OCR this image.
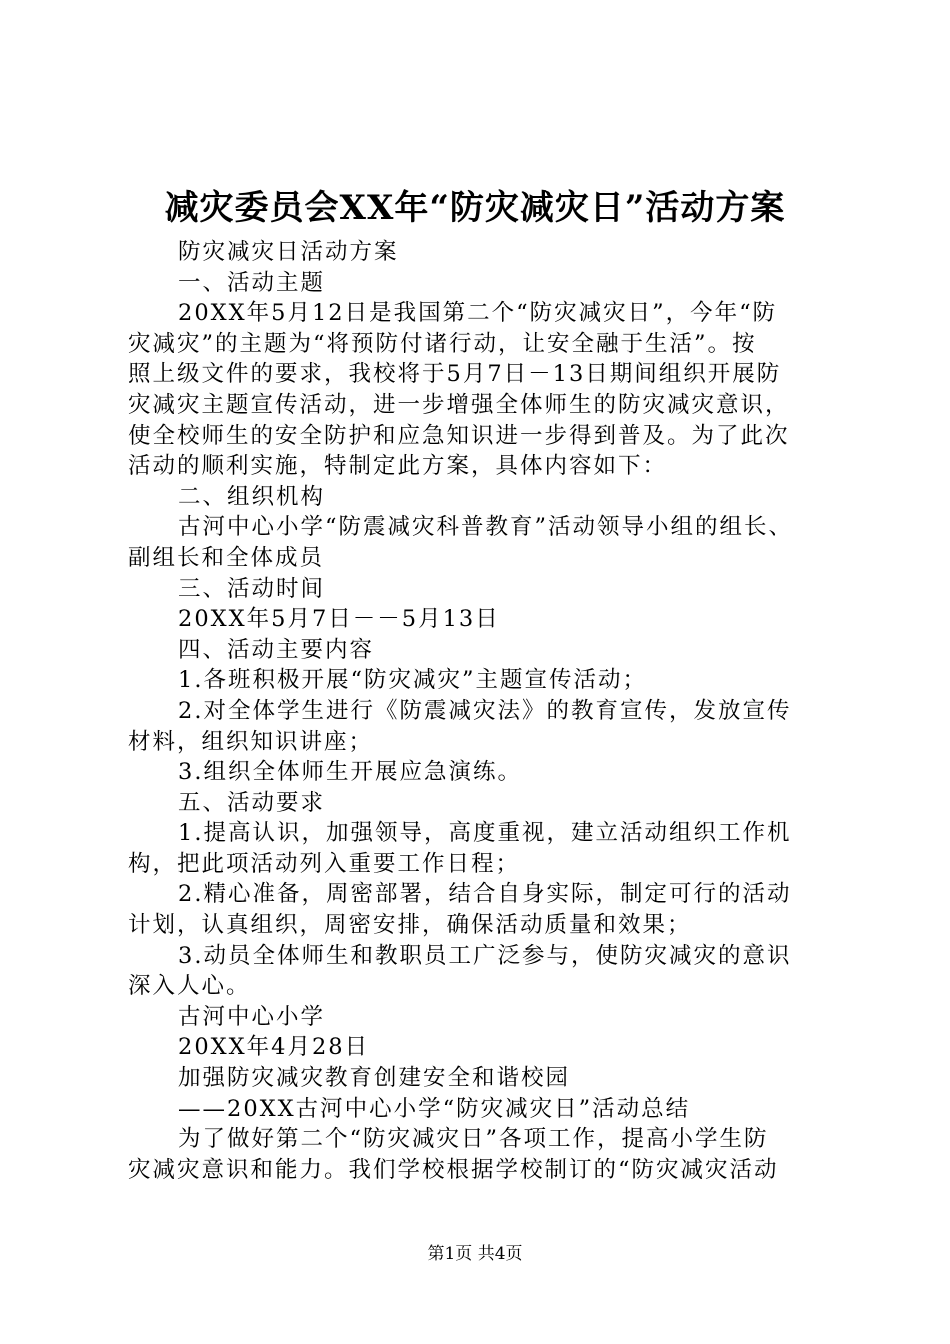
减灾委员会XX年“防灾减灾日”活动方案

防灾减灾日活动方案

一、活动主题

20XX年5月12日是我国第二个“防灾减灾日”，今年“防

灾减灾”的主题为“将预防付诸行动，让安全融于生活”。按

照上级文件的要求，我校将于5月7日－13日期间组织开展防

灾减灾主题宣传活动，进一步增强全体师生的防灾减灾意识，

使全校师生的安全防护和应急知识进一步得到普及。为了此次

活动的顺利实施，特制定此方案，具体内容如下：

二、组织机构

古河中心小学“防震减灾科普教育”活动领导小组的组长、

副组长和全体成员

三、活动时间

20XX年5月7日－－5月13日

四、活动主要内容

1.各班积极开展“防灾减灾”主题宣传活动；

2.对全体学生进行《防震减灾法》的教育宣传，发放宣传

材料，组织知识讲座；

3.组织全体师生开展应急演练。

五、活动要求

1.提高认识，加强领导，高度重视，建立活动组织工作机

构，把此项活动列入重要工作日程；

2.精心准备，周密部署，结合自身实际，制定可行的活动

计划，认真组织，周密安排，确保活动质量和效果；

3.动员全体师生和教职员工广泛参与，使防灾减灾的意识

深入人心。

古河中心小学

20XX年4月28日

加强防灾减灾教育创建安全和谐校园

——20XX古河中心小学“防灾减灾日”活动总结

为了做好第二个“防灾减灾日”各项工作，提高小学生防

灾减灾意识和能力。我们学校根据学校制订的“防灾减灾活动

第1页 共4页
